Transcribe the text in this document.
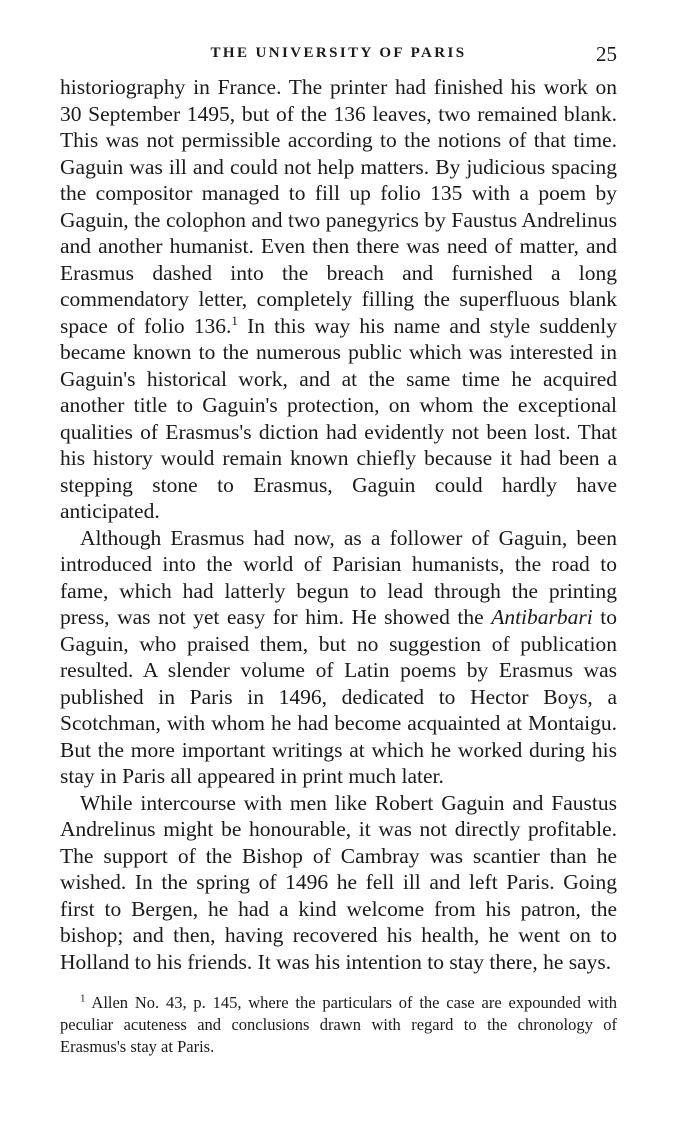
THE UNIVERSITY OF PARIS	25

historiography in France. The printer had finished his work on 30 September 1495, but of the 136 leaves, two remained blank. This was not permissible according to the notions of that time. Gaguin was ill and could not help matters. By judicious spacing the compositor managed to fill up folio 135 with a poem by Gaguin, the colophon and two panegyrics by Faustus Andrelinus and another humanist. Even then there was need of matter, and Erasmus dashed into the breach and furnished a long commendatory letter, completely filling the superfluous blank space of folio 136.$^1$ In this way his name and style suddenly became known to the numerous public which was interested in Gaguin's historical work, and at the same time he acquired another title to Gaguin's protection, on whom the exceptional qualities of Erasmus's diction had evidently not been lost. That his history would remain known chiefly because it had been a stepping stone to Erasmus, Gaguin could hardly have anticipated.

Although Erasmus had now, as a follower of Gaguin, been introduced into the world of Parisian humanists, the road to fame, which had latterly begun to lead through the printing press, was not yet easy for him. He showed the Antibarbari to Gaguin, who praised them, but no suggestion of publication resulted. A slender volume of Latin poems by Erasmus was published in Paris in 1496, dedicated to Hector Boys, a Scotchman, with whom he had become acquainted at Montaigu. But the more important writings at which he worked during his stay in Paris all appeared in print much later.

While intercourse with men like Robert Gaguin and Faustus Andrelinus might be honourable, it was not directly profitable. The support of the Bishop of Cambray was scantier than he wished. In the spring of 1496 he fell ill and left Paris. Going first to Bergen, he had a kind welcome from his patron, the bishop; and then, having recovered his health, he went on to Holland to his friends. It was his intention to stay there, he says.

$^1$ Allen No. 43, p. 145, where the particulars of the case are expounded with peculiar acuteness and conclusions drawn with regard to the chronology of Erasmus's stay at Paris.
